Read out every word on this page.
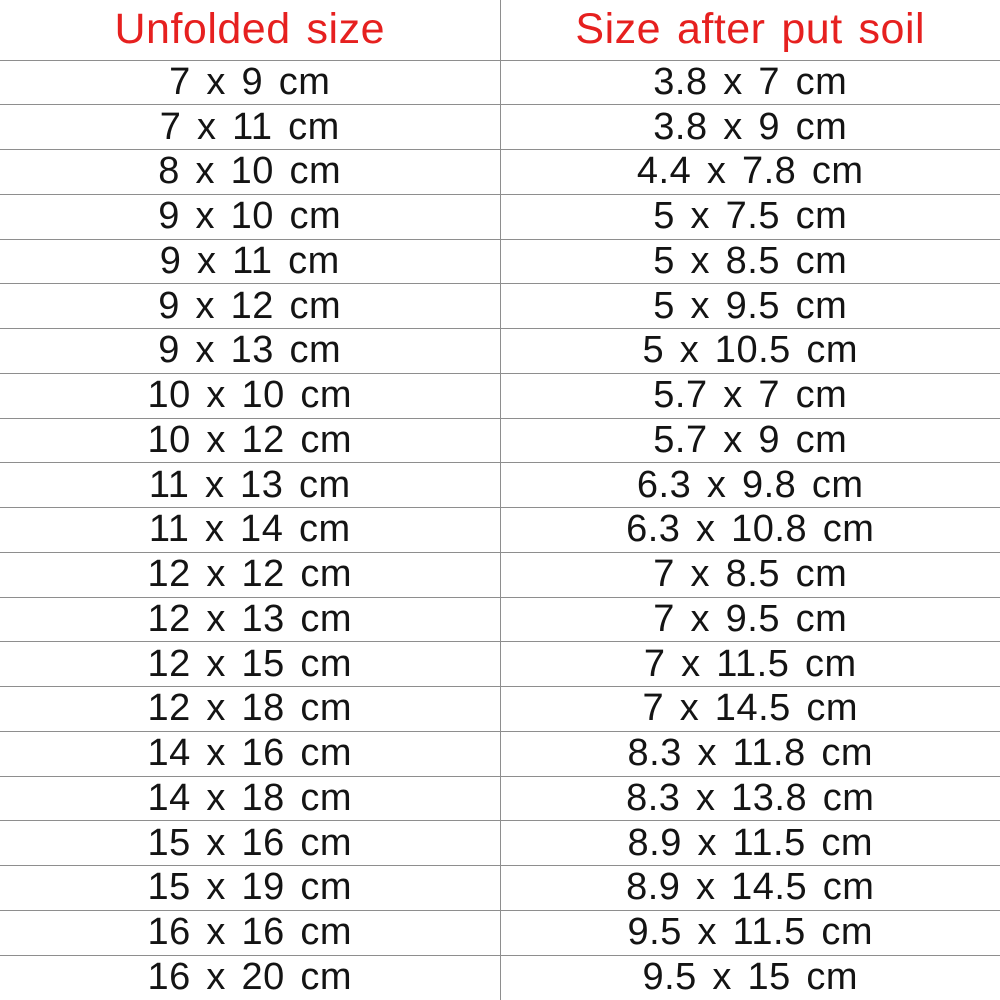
Unfolded size	Size after put soil
7 x 9 cm	3.8 x 7 cm
7 x 11 cm	3.8 x 9 cm
8 x 10 cm	4.4 x 7.8 cm
9 x 10 cm	5 x 7.5 cm
9 x 11 cm	5 x 8.5 cm
9 x 12 cm	5 x 9.5 cm
9 x 13 cm	5 x 10.5 cm
10 x 10 cm	5.7 x 7 cm
10 x 12 cm	5.7 x 9 cm
11 x 13 cm	6.3 x 9.8 cm
11 x 14 cm	6.3 x 10.8 cm
12 x 12 cm	7 x 8.5 cm
12 x 13 cm	7 x 9.5 cm
12 x 15 cm	7 x 11.5 cm
12 x 18 cm	7 x 14.5 cm
14 x 16 cm	8.3 x 11.8 cm
14 x 18 cm	8.3 x 13.8 cm
15 x 16 cm	8.9 x 11.5 cm
15 x 19 cm	8.9 x 14.5 cm
16 x 16 cm	9.5 x 11.5 cm
16 x 20 cm	9.5 x 15 cm
